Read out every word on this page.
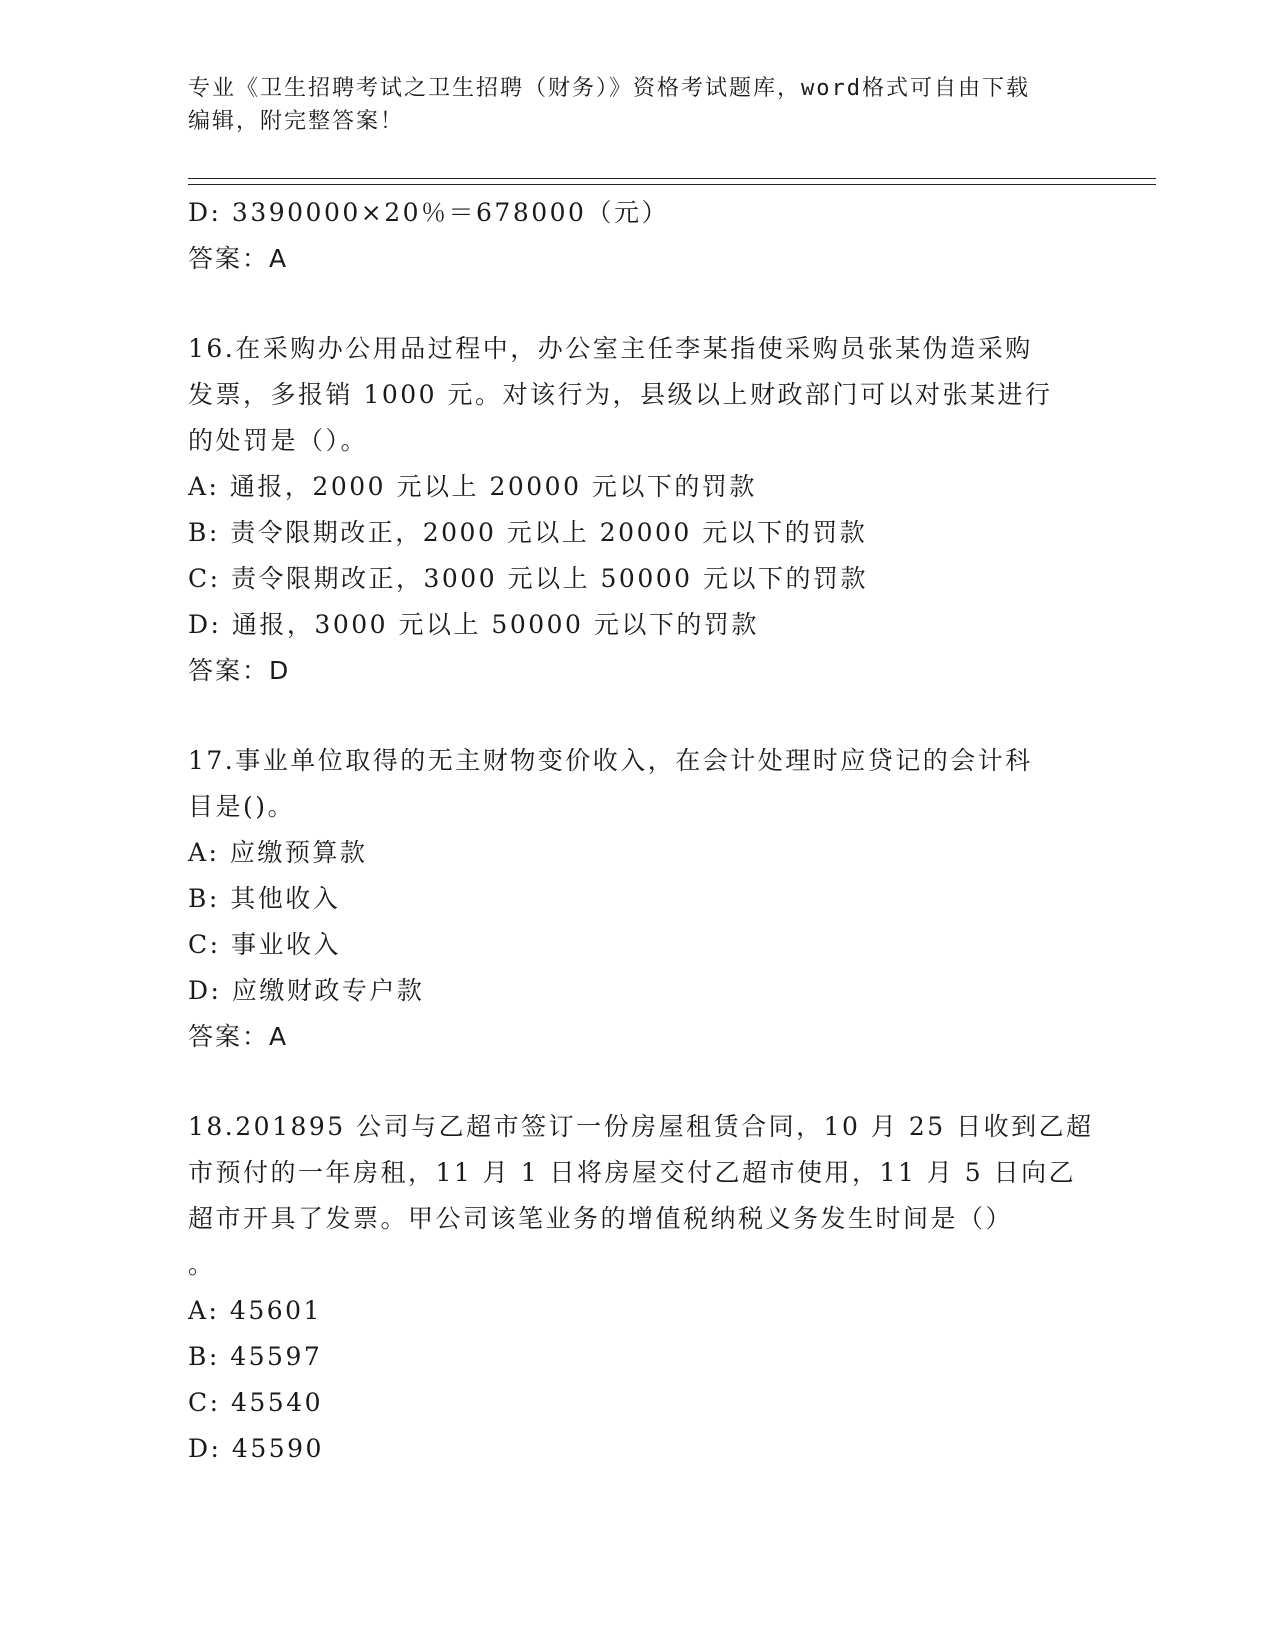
专业《卫生招聘考试之卫生招聘（财务）》资格考试题库，word格式可自由下载
编辑，附完整答案！
D: 3390000×20％＝678000（元）
答案：A
16.在采购办公用品过程中，办公室主任李某指使采购员张某伪造采购
发票，多报销 1000 元。对该行为，县级以上财政部门可以对张某进行
的处罚是（）。
A: 通报，2000 元以上 20000 元以下的罚款
B: 责令限期改正，2000 元以上 20000 元以下的罚款
C: 责令限期改正，3000 元以上 50000 元以下的罚款
D: 通报，3000 元以上 50000 元以下的罚款
答案：D
17.事业单位取得的无主财物变价收入，在会计处理时应贷记的会计科
目是()。
A: 应缴预算款
B: 其他收入
C: 事业收入
D: 应缴财政专户款
答案：A
18.201895 公司与乙超市签订一份房屋租赁合同，10 月 25 日收到乙超
市预付的一年房租，11 月 1 日将房屋交付乙超市使用，11 月 5 日向乙
超市开具了发票。甲公司该笔业务的增值税纳税义务发生时间是（）
。
A: 45601
B: 45597
C: 45540
D: 45590
